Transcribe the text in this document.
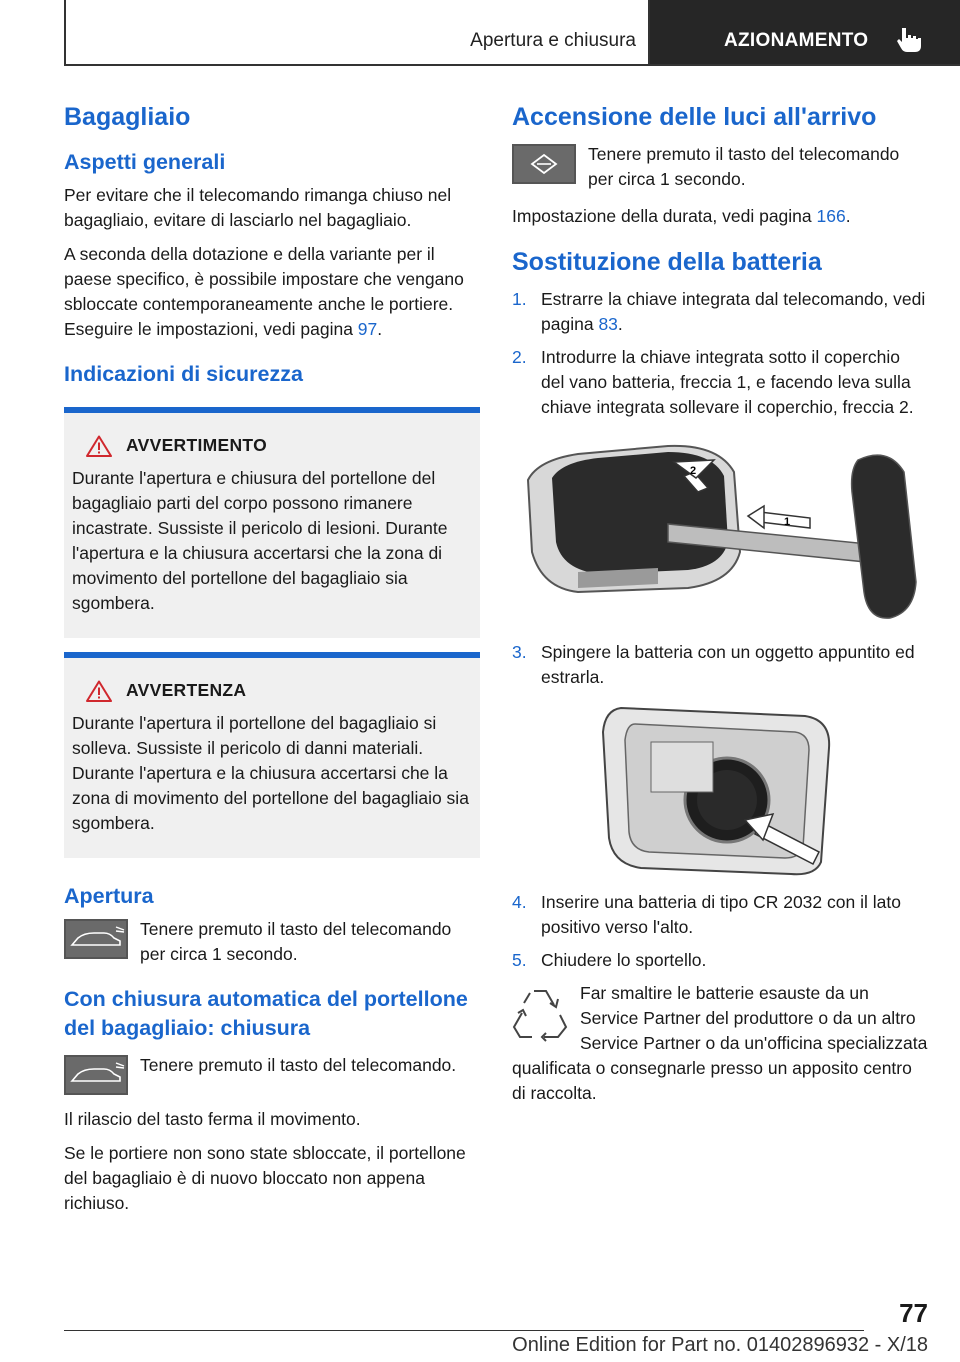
Apertura e chiusura	AZIONAMENTO
Bagagliaio
Aspetti generali

Per evitare che il telecomando rimanga chiuso nel bagagliaio, evitare di lasciarlo nel bagagliaio.

A seconda della dotazione e della variante per il paese specifico, è possibile impostare che vengano sbloccate contemporaneamente anche le portiere. Eseguire le impostazioni, vedi pagina 97.

Indicazioni di sicurezza
AVVERTIMENTO

Durante l'apertura e chiusura del portellone del bagagliaio parti del corpo possono rimanere incastrate. Sussiste il pericolo di lesioni. Durante l'apertura e la chiusura accertarsi che la zona di movimento del portellone del bagagliaio sia sgombera.

AVVERTENZA

Durante l'apertura il portellone del bagagliaio si solleva. Sussiste il pericolo di danni materiali. Durante l'apertura e la chiusura accertarsi che la zona di movimento del portellone del bagagliaio sia sgombera.

Apertura
Tenere premuto il tasto del telecomando per circa 1 secondo.
Con chiusura automatica del portellone del bagagliaio: chiusura
Tenere premuto il tasto del telecomando.

Il rilascio del tasto ferma il movimento.

Se le portiere non sono state sbloccate, il portellone del bagagliaio è di nuovo bloccato non appena richiuso.

Accensione delle luci all'arrivo
Tenere premuto il tasto del telecomando per circa 1 secondo.

Impostazione della durata, vedi pagina 166.

Sostituzione della batteria
1. Estrarre la chiave integrata dal telecomando, vedi pagina 83.
2. Introdurre la chiave integrata sotto il coperchio del vano batteria, freccia 1, e facendo leva sulla chiave integrata sollevare il coperchio, freccia 2.
1
2
3. Spingere la batteria con un oggetto appuntito ed estrarla.
4. Inserire una batteria di tipo CR 2032 con il lato positivo verso l'alto.
5. Chiudere lo sportello.

Far smaltire le batterie esauste da un Service Partner del produttore o da un altro Service Partner o da un'officina specializzata qualificata o consegnarle presso un apposito centro di raccolta.

77
Online Edition for Part no. 01402896932 - X/18
